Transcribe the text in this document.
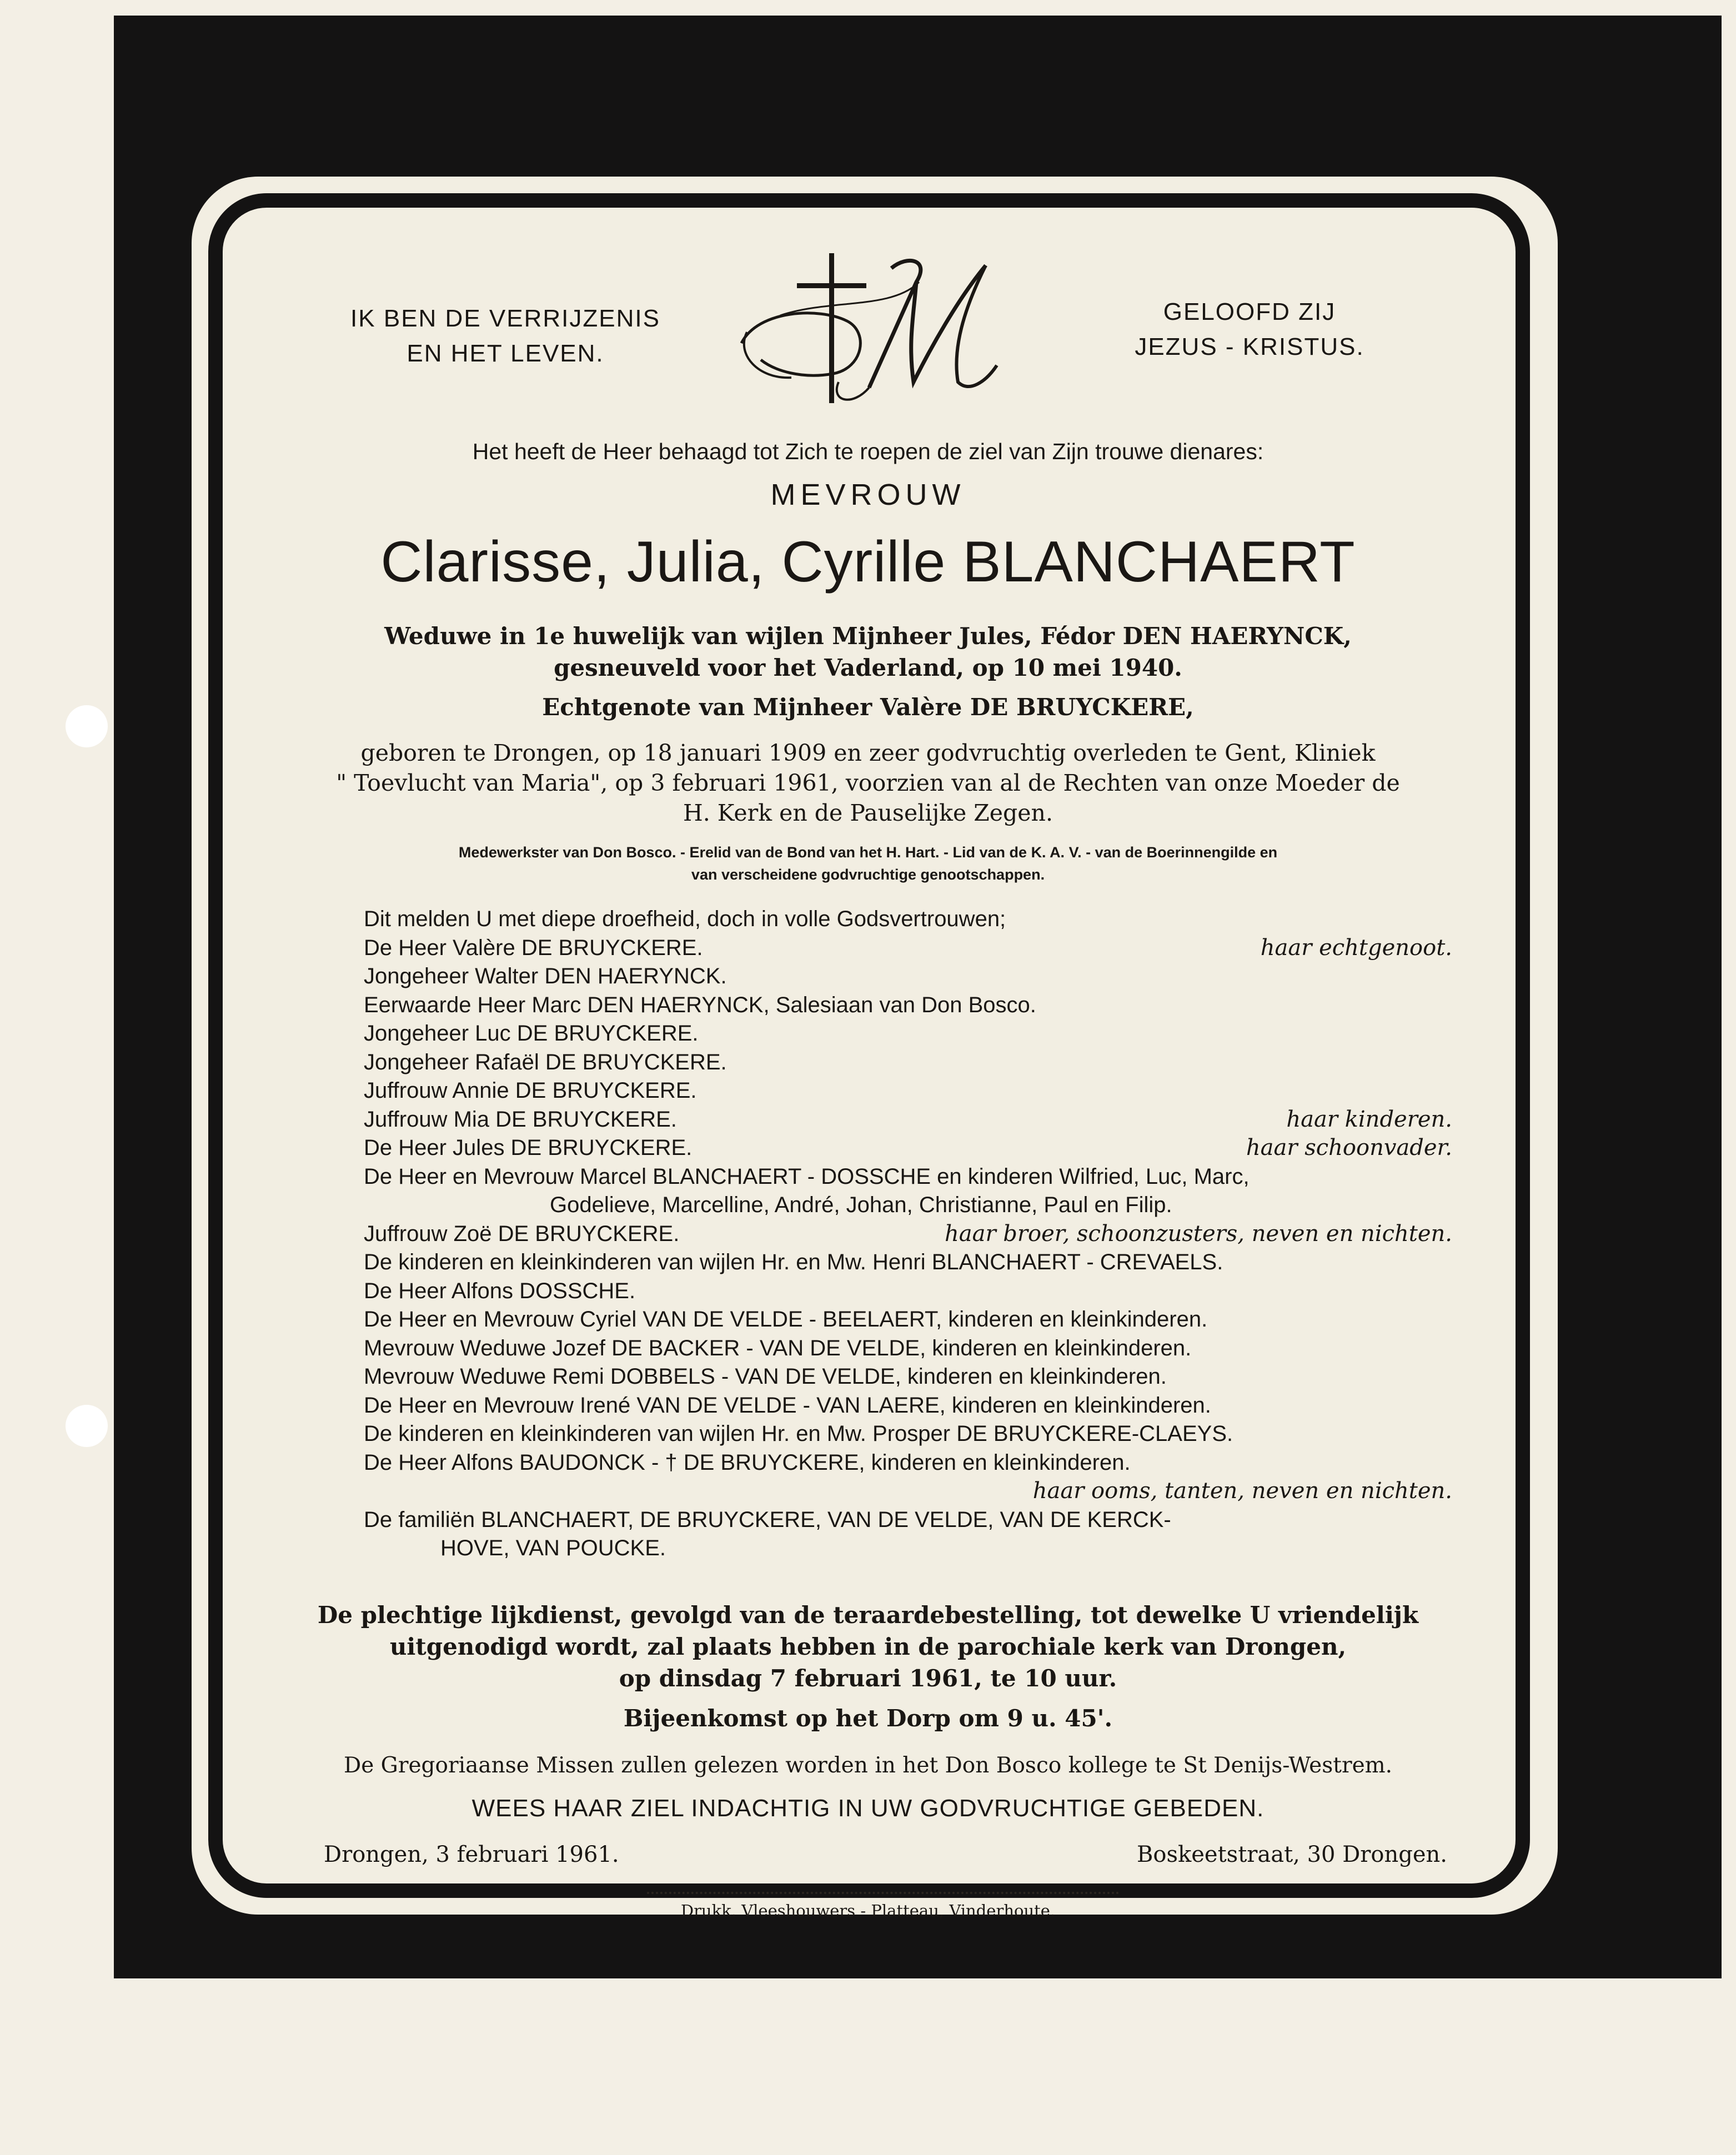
IK BEN DE VERRIJZENIS
EN HET LEVEN.
GELOOFD ZIJ
JEZUS - KRISTUS.
Het heeft de Heer behaagd tot Zich te roepen de ziel van Zijn trouwe dienares:
MEVROUW
Clarisse, Julia, Cyrille BLANCHAERT
Weduwe in 1e huwelijk van wijlen Mijnheer Jules, Fédor DEN HAERYNCK,
gesneuveld voor het Vaderland, op 10 mei 1940.
Echtgenote van Mijnheer Valère DE BRUYCKERE,
geboren te Drongen, op 18 januari 1909 en zeer godvruchtig overleden te Gent, Kliniek
" Toevlucht van Maria", op 3 februari 1961, voorzien van al de Rechten van onze Moeder de
H. Kerk en de Pauselijke Zegen.
Medewerkster van Don Bosco. - Erelid van de Bond van het H. Hart. - Lid van de K. A. V. - van de Boerinnengilde en
van verscheidene godvruchtige genootschappen.
Dit melden U met diepe droefheid, doch in volle Godsvertrouwen;
De Heer Valère DE BRUYCKERE.	haar echtgenoot.
Jongeheer Walter DEN HAERYNCK.
Eerwaarde Heer Marc DEN HAERYNCK, Salesiaan van Don Bosco.
Jongeheer Luc DE BRUYCKERE.
Jongeheer Rafaël DE BRUYCKERE.
Juffrouw Annie DE BRUYCKERE.
Juffrouw Mia DE BRUYCKERE.	haar kinderen.
De Heer Jules DE BRUYCKERE.	haar schoonvader.
De Heer en Mevrouw Marcel BLANCHAERT - DOSSCHE en kinderen Wilfried, Luc, Marc,
Godelieve, Marcelline, André, Johan, Christianne, Paul en Filip.
Juffrouw Zoë DE BRUYCKERE.	haar broer, schoonzusters, neven en nichten.
De kinderen en kleinkinderen van wijlen Hr. en Mw. Henri BLANCHAERT - CREVAELS.
De Heer Alfons DOSSCHE.
De Heer en Mevrouw Cyriel VAN DE VELDE - BEELAERT, kinderen en kleinkinderen.
Mevrouw Weduwe Jozef DE BACKER - VAN DE VELDE, kinderen en kleinkinderen.
Mevrouw Weduwe Remi DOBBELS - VAN DE VELDE, kinderen en kleinkinderen.
De Heer en Mevrouw Irené VAN DE VELDE - VAN LAERE, kinderen en kleinkinderen.
De kinderen en kleinkinderen van wijlen Hr. en Mw. Prosper DE BRUYCKERE-CLAEYS.
De Heer Alfons BAUDONCK - † DE BRUYCKERE, kinderen en kleinkinderen.
haar ooms, tanten, neven en nichten.
De familiën BLANCHAERT, DE BRUYCKERE, VAN DE VELDE, VAN DE KERCK-
HOVE, VAN POUCKE.
De plechtige lijkdienst, gevolgd van de teraardebestelling, tot dewelke U vriendelijk
uitgenodigd wordt, zal plaats hebben in de parochiale kerk van Drongen,
op dinsdag 7 februari 1961, te 10 uur.
Bijeenkomst op het Dorp om 9 u. 45'.
De Gregoriaanse Missen zullen gelezen worden in het Don Bosco kollege te St Denijs-Westrem.
WEES HAAR ZIEL INDACHTIG IN UW GODVRUCHTIGE GEBEDEN.
Drongen, 3 februari 1961.	Boskeetstraat, 30 Drongen.
Drukk. Vleeshouwers - Platteau, Vinderhoute.
